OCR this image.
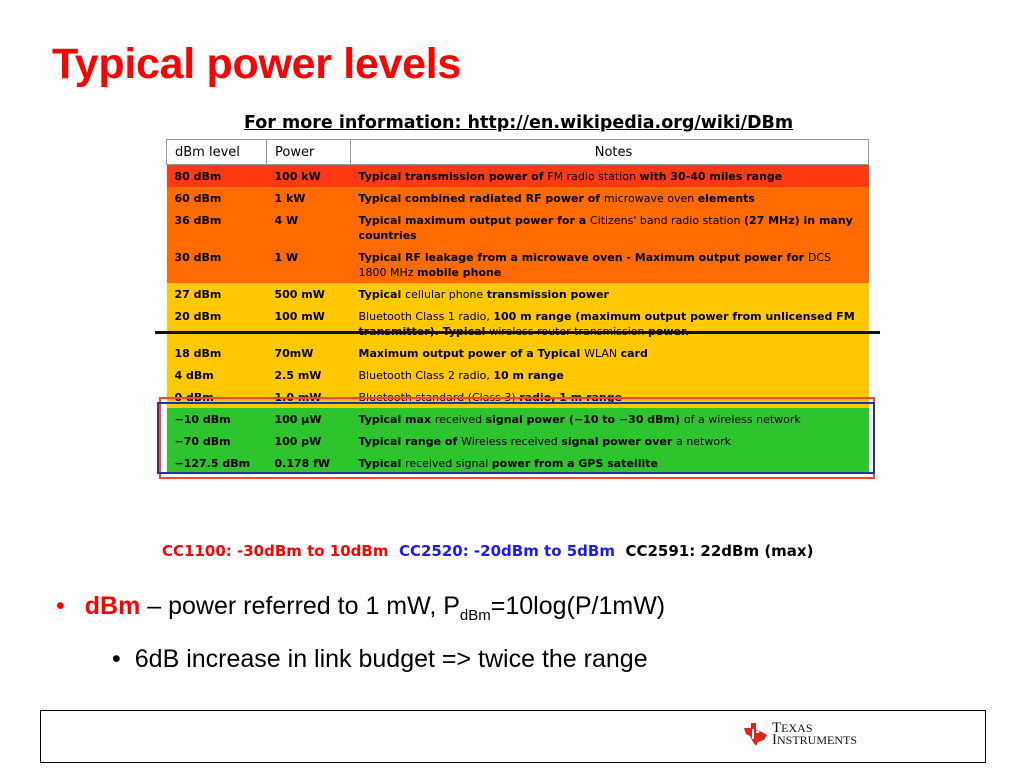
Typical power levels
For more information: http://en.wikipedia.org/wiki/DBm
dBm level	Power	Notes
80 dBm	100 kW	Typical transmission power of FM radio station with 30-40 miles range
60 dBm	1 kW	Typical combined radiated RF power of microwave oven elements
36 dBm	4 W	Typical maximum output power for a Citizens' band radio station (27 MHz) in many countries
30 dBm	1 W	Typical RF leakage from a microwave oven - Maximum output power for DCS 1800 MHz mobile phone
27 dBm	500 mW	Typical cellular phone transmission power
20 dBm	100 mW	Bluetooth Class 1 radio, 100 m range (maximum output power from unlicensed FM
18 dBm	70mW	Maximum output power of a Typical WLAN card
4 dBm	2.5 mW	Bluetooth Class 2 radio, 10 m range
0 dBm	1.0 mW	Bluetooth standard (Class 3) radio, 1 m range
−10 dBm	100 µW	Typical max received signal power (−10 to −30 dBm) of a wireless network
−70 dBm	100 pW	Typical range of Wireless received signal power over a network
−127.5 dBm	0.178 fW	Typical received signal power from a GPS satellite
CC1100: -30dBm to 10dBm CC2520: -20dBm to 5dBm CC2591: 22dBm (max)
• dBm – power referred to 1 mW, $P_{dBm}=10\log(P/1mW)$
• 6dB increase in link budget => twice the range
TEXAS
INSTRUMENTS
